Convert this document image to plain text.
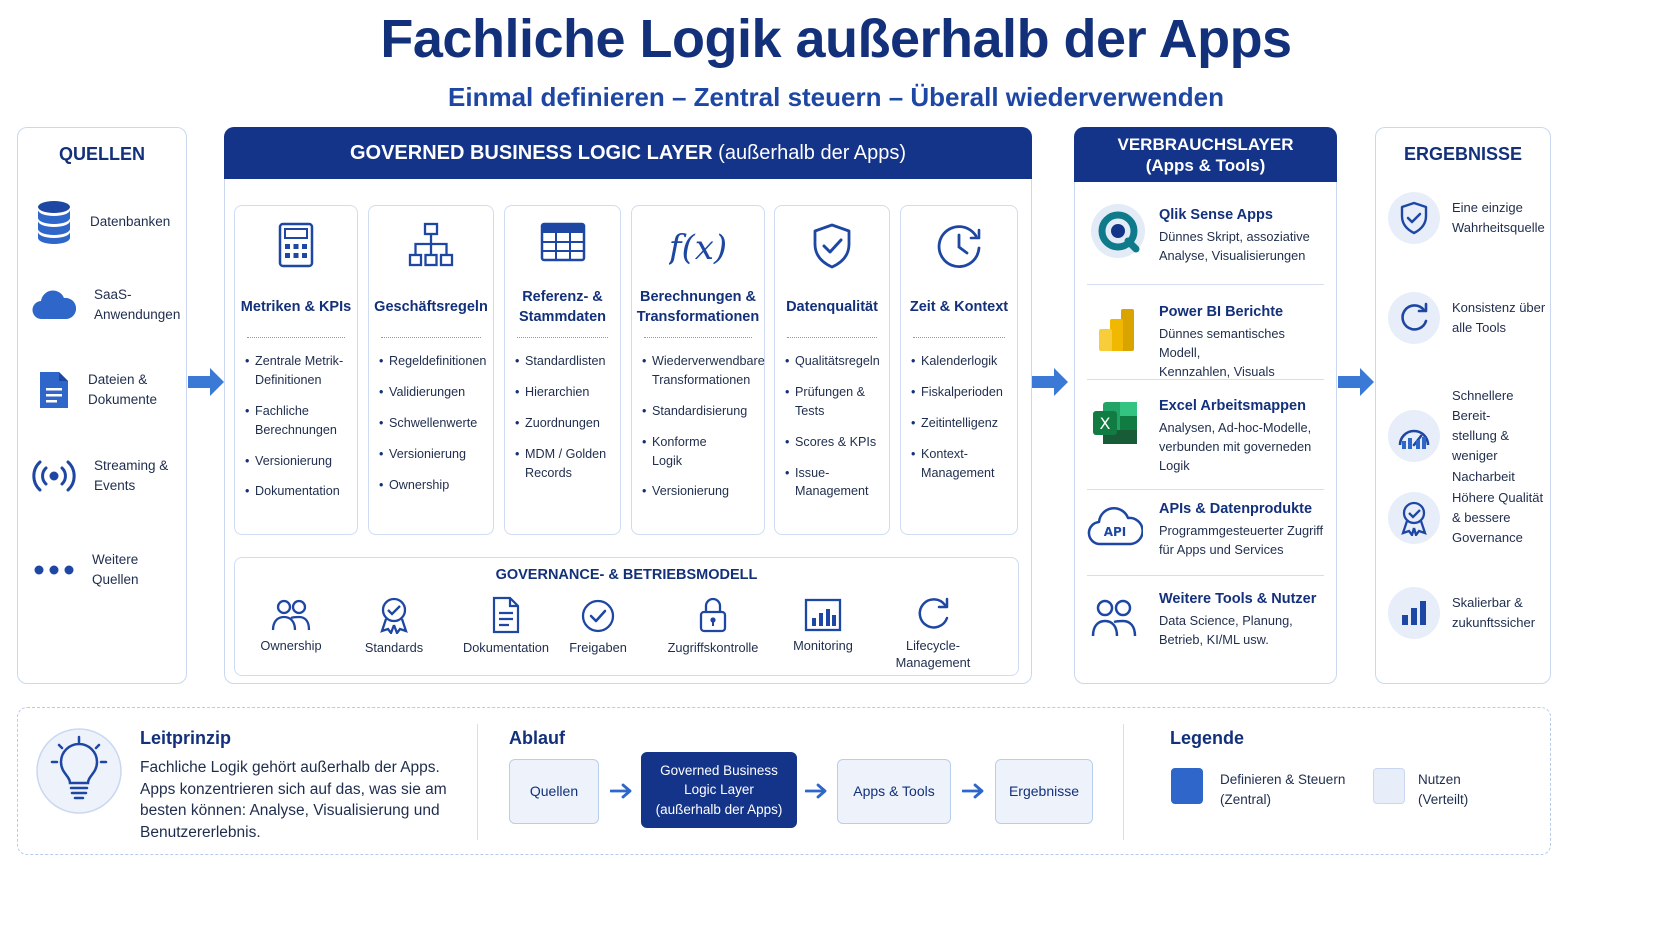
Fachliche Logik außerhalb der Apps
Einmal definieren – Zentral steuern – Überall wiederverwenden
QUELLEN
Datenbanken
SaaS-
Anwendungen
Dateien &
Dokumente
Streaming &
Events
Weitere
Quellen
GOVERNED BUSINESS LOGIC LAYER (außerhalb der Apps)
Metriken & KPIs
• Zentrale Metrik-
Definitionen
• Fachliche
Berechnungen
• Versionierung
• Dokumentation
Geschäftsregeln
• Regeldefinitionen
• Validierungen
• Schwellenwerte
• Versionierung
• Ownership
Referenz- &
Stammdaten
• Standardlisten
• Hierarchien
• Zuordnungen
• MDM / Golden
Records
ƒ(x)
Berechnungen &
Transformationen
• Wiederverwendbare
Transformationen
• Standardisierung
• Konforme
Logik
• Versionierung
Datenqualität
• Qualitätsregeln
• Prüfungen & Tests
• Scores & KPIs
• Issue-
Management
Zeit & Kontext
• Kalenderlogik
• Fiskalperioden
• Zeitintelligenz
• Kontext-
Management
GOVERNANCE- & BETRIEBSMODELL
Ownership	Standards	Dokumentation	Freigaben	Zugriffskontrolle	Monitoring	Lifecycle-
Management
VERBRAUCHSLAYER
(Apps & Tools)
Qlik Sense Apps
Dünnes Skript, assoziative
Analyse, Visualisierungen
Power BI Berichte
Dünnes semantisches Modell,
Kennzahlen, Visuals
X
Excel Arbeitsmappen
Analysen, Ad-hoc-Modelle,
verbunden mit governeden
Logik
API
APIs & Datenprodukte
Programmgesteuerter Zugriff
für Apps und Services
Weitere Tools & Nutzer
Data Science, Planung,
Betrieb, KI/ML usw.
ERGEBNISSE
Eine einzige
Wahrheitsquelle
Konsistenz über
alle Tools
Schnellere Bereit-
stellung & weniger
Nacharbeit
Höhere Qualität
& bessere
Governance
Skalierbar &
zukunftssicher
Leitprinzip
Fachliche Logik gehört außerhalb der Apps.
Apps konzentrieren sich auf das, was sie am
besten können: Analyse, Visualisierung und
Benutzererlebnis.
Ablauf
Quellen
Governed Business
Logic Layer
(außerhalb der Apps)
Apps & Tools	Ergebnisse
Legende
Definieren & Steuern
(Zentral)
Nutzen
(Verteilt)
